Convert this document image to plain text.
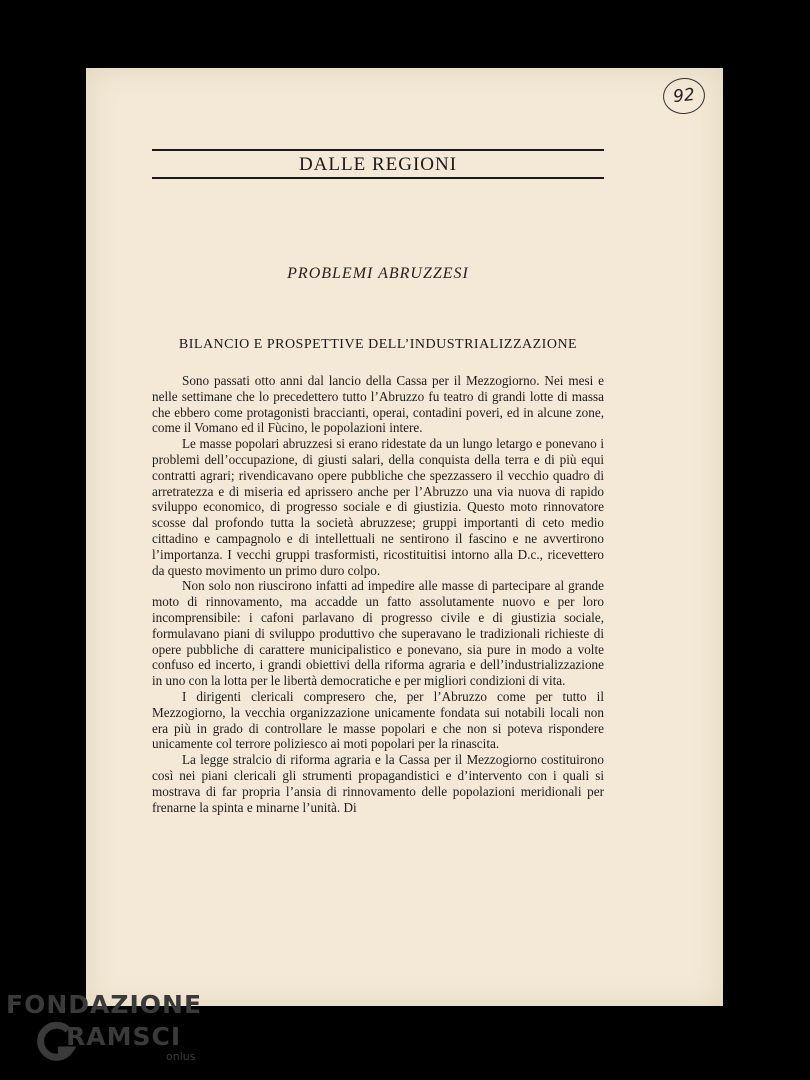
92
DALLE REGIONI
PROBLEMI ABRUZZESI
BILANCIO E PROSPETTIVE DELL’INDUSTRIALIZZAZIONE

Sono passati otto anni dal lancio della Cassa per il Mezzogiorno. Nei mesi e nelle settimane che lo precedettero tutto l’Abruzzo fu teatro di grandi lotte di massa che ebbero come protagonisti braccianti, operai, contadini poveri, ed in alcune zone, come il Vomano ed il Fùcino, le popolazioni intere.

Le masse popolari abruzzesi si erano ridestate da un lungo letargo e ponevano i problemi dell’occupazione, di giusti salari, della conquista della terra e di più equi contratti agrari; rivendicavano opere pubbliche che spezzassero il vecchio quadro di arretratezza e di miseria ed aprissero anche per l’Abruzzo una via nuova di rapido sviluppo economico, di progresso sociale e di giustizia. Questo moto rinnovatore scosse dal profondo tutta la società abruzzese; gruppi importanti di ceto medio cittadino e campagnolo e di intellettuali ne sentirono il fascino e ne avvertirono l’importanza. I vecchi gruppi trasformisti, ricostituitisi intorno alla D.c., ricevettero da questo movimento un primo duro colpo.

Non solo non riuscirono infatti ad impedire alle masse di partecipare al grande moto di rinnovamento, ma accadde un fatto assolutamente nuovo e per loro incomprensibile: i cafoni parlavano di progresso civile e di giustizia sociale, formulavano piani di sviluppo produttivo che superavano le tradizionali richieste di opere pubbliche di carattere municipalistico e ponevano, sia pure in modo a volte confuso ed incerto, i grandi obiettivi della riforma agraria e dell’industrializzazione in uno con la lotta per le libertà democratiche e per migliori condizioni di vita.

I dirigenti clericali compresero che, per l’Abruzzo come per tutto il Mezzogiorno, la vecchia organizzazione unicamente fondata sui notabili locali non era più in grado di controllare le masse popolari e che non si poteva rispondere unicamente col terrore poliziesco ai moti popolari per la rinascita.

La legge stralcio di riforma agraria e la Cassa per il Mezzogiorno costituirono così nei piani clericali gli strumenti propagandistici e d’intervento con i quali si mostrava di far propria l’ansia di rinnovamento delle popolazioni meridionali per frenarne la spinta e minarne l’unità. Di

FONDAZIONE
RAMSCI
onlus
